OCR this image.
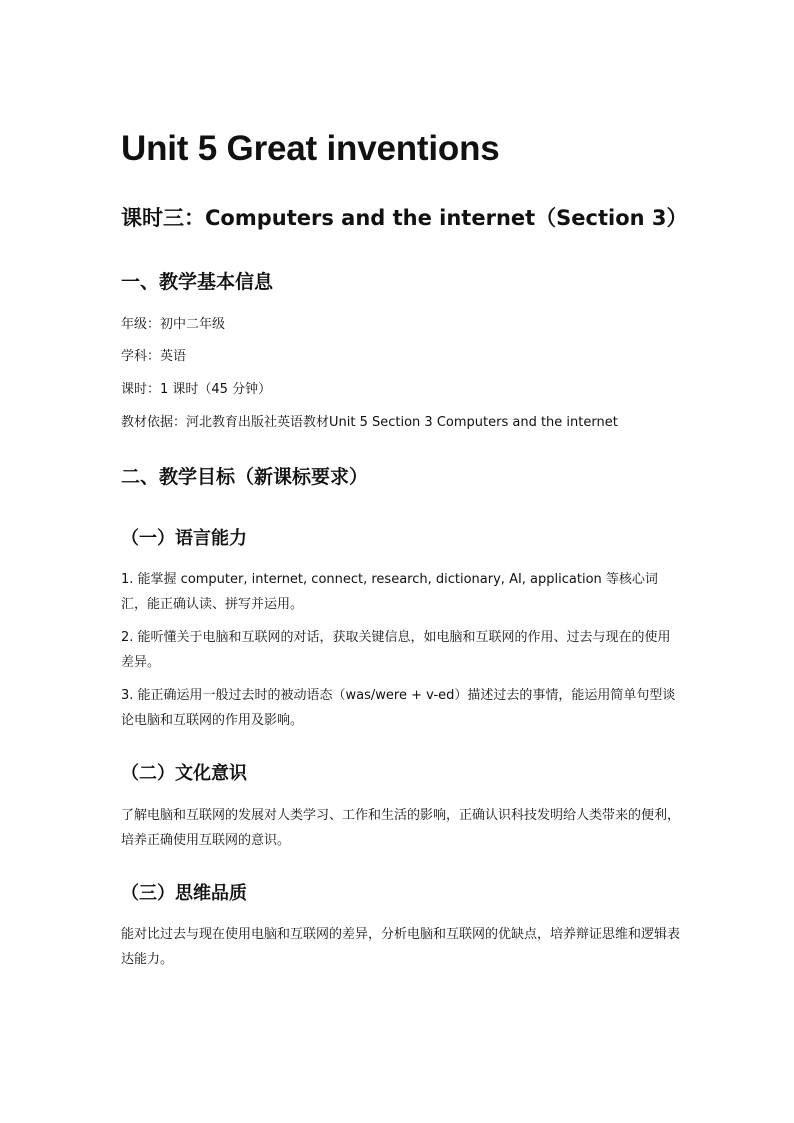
Unit 5 Great inventions
课时三：Computers and the internet（Section 3）
一、教学基本信息

年级：初中二年级

学科：英语

课时：1 课时（45 分钟）

教材依据：河北教育出版社英语教材Unit 5 Section 3 Computers and the internet

二、教学目标（新课标要求）
（一）语言能力

1. 能掌握 computer, internet, connect, research, dictionary, AI, application 等核心词汇，能正确认读、拼写并运用。

2. 能听懂关于电脑和互联网的对话，获取关键信息，如电脑和互联网的作用、过去与现在的使用差异。

3. 能正确运用一般过去时的被动语态（was/were + v-ed）描述过去的事情，能运用简单句型谈论电脑和互联网的作用及影响。

（二）文化意识

了解电脑和互联网的发展对人类学习、工作和生活的影响，正确认识科技发明给人类带来的便利，培养正确使用互联网的意识。

（三）思维品质

能对比过去与现在使用电脑和互联网的差异，分析电脑和互联网的优缺点，培养辩证思维和逻辑表达能力。
